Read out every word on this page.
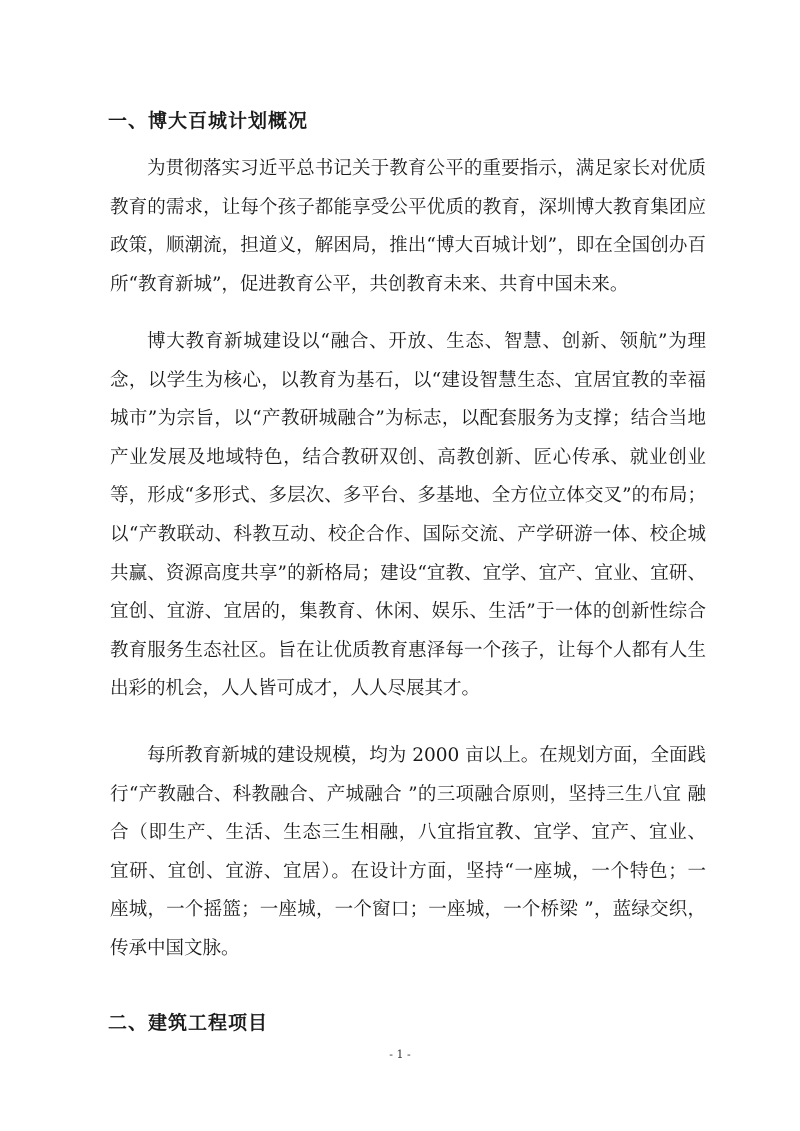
一、博大百城计划概况

为贯彻落实习近平总书记关于教育公平的重要指示，满足家长对优质教育的需求，让每个孩子都能享受公平优质的教育，深圳博大教育集团应政策，顺潮流，担道义，解困局，推出“博大百城计划”，即在全国创办百所“教育新城”，促进教育公平，共创教育未来、共育中国未来。

博大教育新城建设以“融合、开放、生态、智慧、创新、领航”为理念，以学生为核心，以教育为基石，以“建设智慧生态、宜居宜教的幸福城市”为宗旨，以“产教研城融合”为标志，以配套服务为支撑；结合当地产业发展及地域特色，结合教研双创、高教创新、匠心传承、就业创业等，形成“多形式、多层次、多平台、多基地、全方位立体交叉”的布局；以“产教联动、科教互动、校企合作、国际交流、产学研游一体、校企城共赢、资源高度共享”的新格局；建设“宜教、宜学、宜产、宜业、宜研、宜创、宜游、宜居的，集教育、休闲、娱乐、生活”于一体的创新性综合教育服务生态社区。旨在让优质教育惠泽每一个孩子，让每个人都有人生出彩的机会，人人皆可成才，人人尽展其才。

每所教育新城的建设规模，均为 2000 亩以上。在规划方面，全面践行“产教融合、科教融合、产城融合 ”的三项融合原则，坚持三生八宜 融合（即生产、生活、生态三生相融，八宜指宜教、宜学、宜产、宜业、 宜研、宜创、宜游、宜居）。在设计方面，坚持“一座城，一个特色；一 座城，一个摇篮；一座城，一个窗口；一座城，一个桥梁 ”，蓝绿交织， 传承中国文脉。

二、建筑工程项目
- 1 -
